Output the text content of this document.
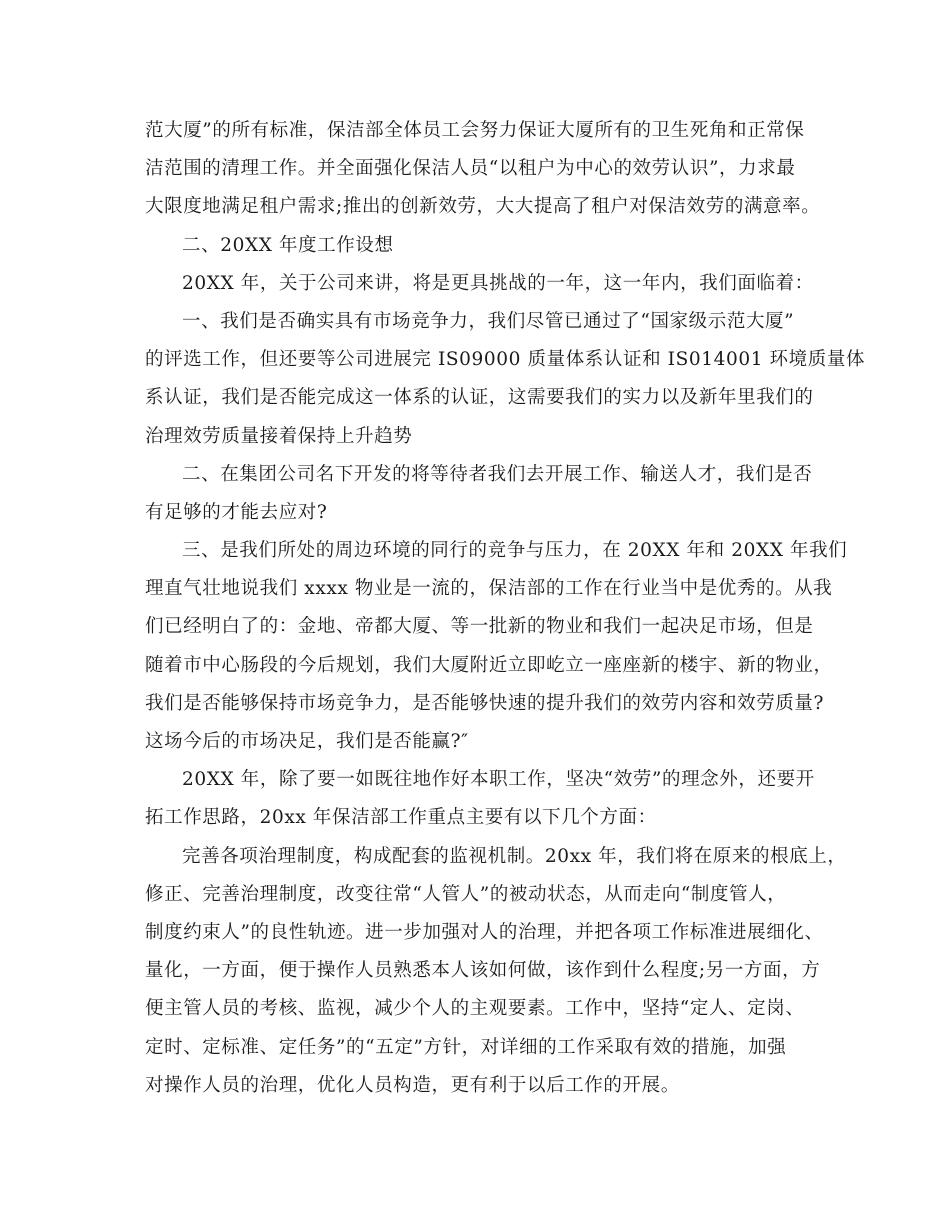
范大厦”的所有标准，保洁部全体员工会努力保证大厦所有的卫生死角和正常保
洁范围的清理工作。并全面强化保洁人员“以租户为中心的效劳认识”，力求最
大限度地满足租户需求;推出的创新效劳，大大提高了租户对保洁效劳的满意率。
二、20XX 年度工作设想
20XX 年，关于公司来讲，将是更具挑战的一年，这一年内，我们面临着：
一、我们是否确实具有市场竞争力，我们尽管已通过了“国家级示范大厦”
的评选工作，但还要等公司进展完 IS09000 质量体系认证和 IS014001 环境质量体
系认证，我们是否能完成这一体系的认证，这需要我们的实力以及新年里我们的
治理效劳质量接着保持上升趋势
二、在集团公司名下开发的将等待者我们去开展工作、输送人才，我们是否
有足够的才能去应对?
三、是我们所处的周边环境的同行的竞争与压力，在 20XX 年和 20XX 年我们
理直气壮地说我们 xxxx 物业是一流的，保洁部的工作在行业当中是优秀的。从我
们已经明白了的：金地、帝都大厦、等一批新的物业和我们一起决足市场，但是
随着市中心肠段的今后规划，我们大厦附近立即屹立一座座新的楼宇、新的物业，
我们是否能够保持市场竞争力，是否能够快速的提升我们的效劳内容和效劳质量?
这场今后的市场决足，我们是否能赢?″
20XX 年，除了要一如既往地作好本职工作，坚决“效劳”的理念外，还要开
拓工作思路，20xx 年保洁部工作重点主要有以下几个方面：
完善各项治理制度，构成配套的监视机制。20xx 年，我们将在原来的根底上，
修正、完善治理制度，改变往常“人管人”的被动状态，从而走向“制度管人，
制度约束人”的良性轨迹。进一步加强对人的治理，并把各项工作标准进展细化、
量化，一方面，便于操作人员熟悉本人该如何做，该作到什么程度;另一方面，方
便主管人员的考核、监视，减少个人的主观要素。工作中，坚持“定人、定岗、
定时、定标准、定任务”的“五定”方针，对详细的工作采取有效的措施，加强
对操作人员的治理，优化人员构造，更有利于以后工作的开展。
